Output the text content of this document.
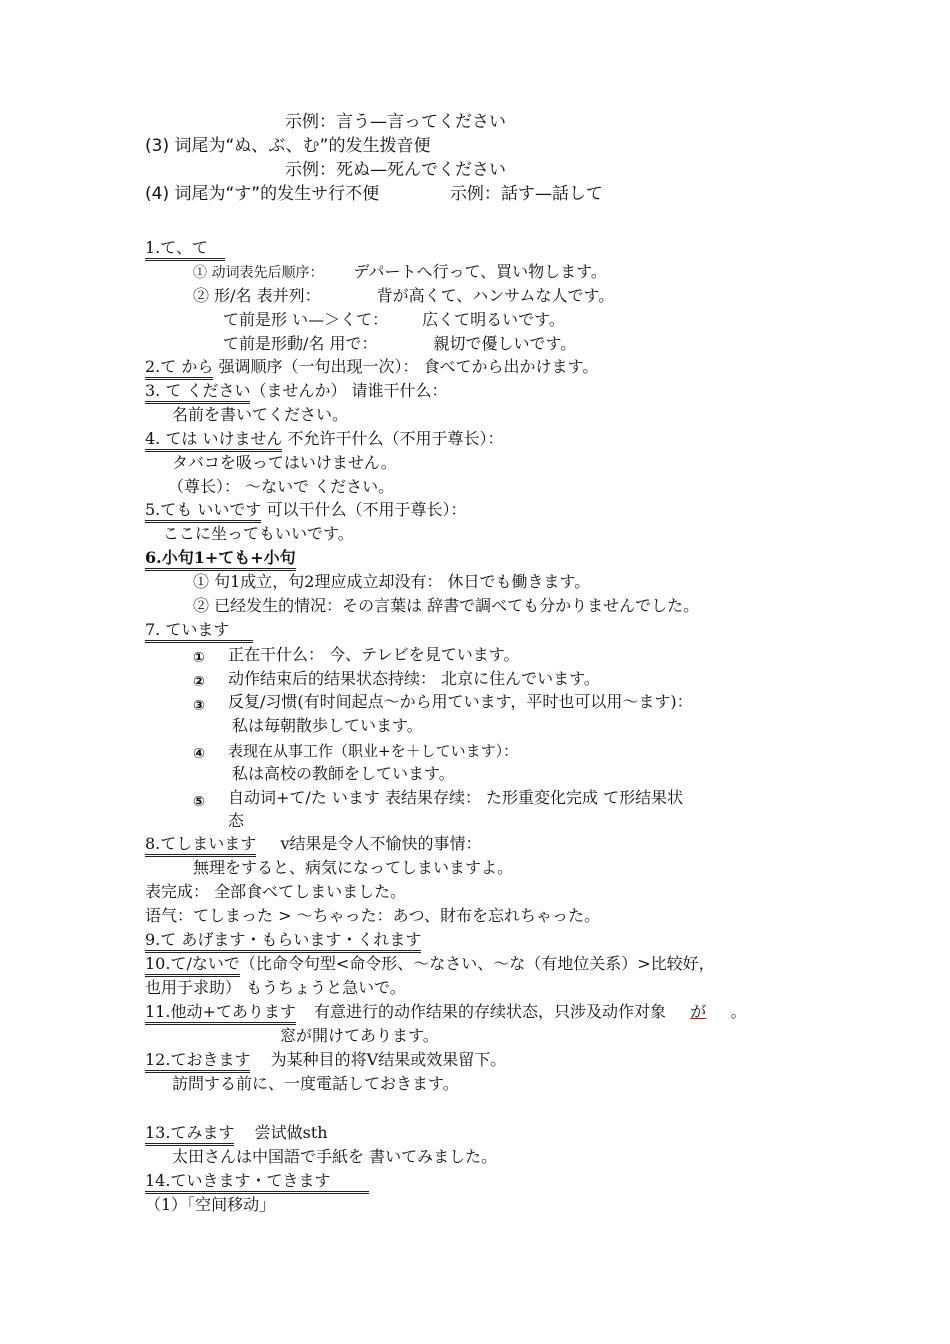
示例：言う—言ってください
(3) 词尾为“ぬ、ぶ、む”的发生拨音便
示例：死ぬ—死んでください
(4) 词尾为“す”的发生サ行不便	示例：話す—話して
1.て、て
① 动词表先后顺序： デパートへ行って、買い物します。
② 形/名 表并列：	背が高くて、ハンサムな人です。
て前是形 い—＞くて： 広くて明るいです。
て前是形動/名 用で：	親切で優しいです。
2.て から 强调顺序（一句出现一次）： 食べてから出かけます。
3. て ください（ませんか） 请谁干什么：
名前を書いてください。
4. ては いけません 不允许干什么（不用于尊长）：
タバコを吸ってはいけません。
（尊长）： 〜ないで ください。
5.ても いいです 可以干什么（不用于尊长）：
ここに坐ってもいいです。
6.小句1+ても+小句
① 句1成立，句2理应成立却没有： 休日でも働きます。
② 已经发生的情况：その言葉は 辞書で調べても分かりませんでした。
7. ています
① 正在干什么： 今、テレビを見ています。
② 动作结束后的结果状态持续： 北京に住んでいます。
③ 反复/习惯(有时间起点〜から用ています，平时也可以用〜ます)：
私は毎朝散歩しています。
④ 表现在从事工作（职业+を＋しています）：
私は高校の教師をしています。
⑤ 自动词+て/た います 表结果存续： た形重変化完成 て形结果状
态
8.てしまいます v结果是令人不愉快的事情：
無理をすると、病気になってしまいますよ。
表完成： 全部食べてしまいました。
语气：てしまった > 〜ちゃった：あつ、財布を忘れちゃった。
9.て あげます・もらいます・くれます
10.て/ないで（比命令句型<命令形、〜なさい、〜な（有地位关系）>比较好，
也用于求助） もうちょうと急いで。
11.他动+てあります 有意进行的动作结果的存续状态，只涉及动作对象 が 。
窓が開けてあります。
12.ておきます 为某种目的将V结果或效果留下。
訪問する前に、一度電話しておきます。
13.てみます 尝试做sth
太田さんは中国語で手紙を 書いてみました。
14.ていきます・てきます
（1）「空间移动」
